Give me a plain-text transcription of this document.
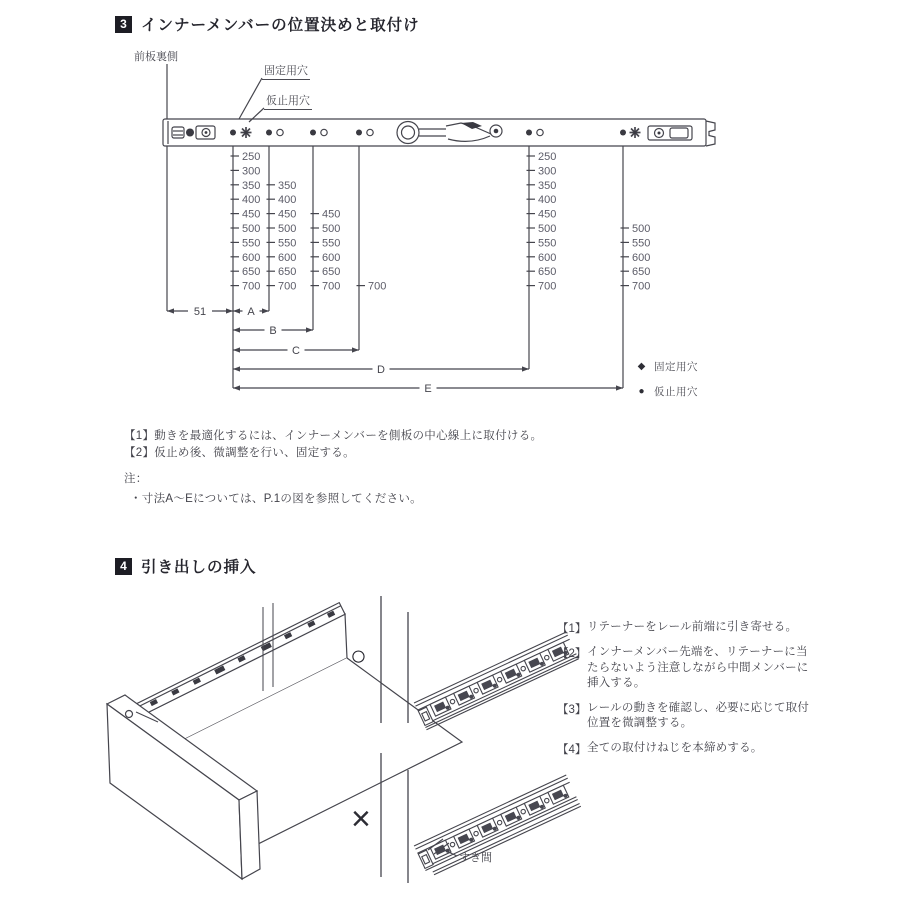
250
300
350
400
450
500
550
600
650
700
350
400
450
500
550
600
650
700
450
500
550
600
650
700	700
250
300
350
400
450
500
550
600
650
700
500
550
600
650
700
51	A
B
C
D
E
3 インナーメンバーの位置決めと取付け
前板裏側
固定用穴
仮止用穴
◆ 固定用穴
● 仮止用穴
【1】動きを最適化するには、インナーメンバーを側板の中心線上に取付ける。
【2】仮止め後、微調整を行い、固定する。
注：
・寸法A〜Eについては、P.1の図を参照してください。
4 引き出しの挿入
○
×
すき間
【1】 リテーナーをレール前端に引き寄せる。
【2】 インナーメンバー先端を、リテーナーに当たらないよう注意しながら中間メンバーに挿入する。
【3】 レールの動きを確認し、必要に応じて取付位置を微調整する。
【4】 全ての取付けねじを本締めする。
